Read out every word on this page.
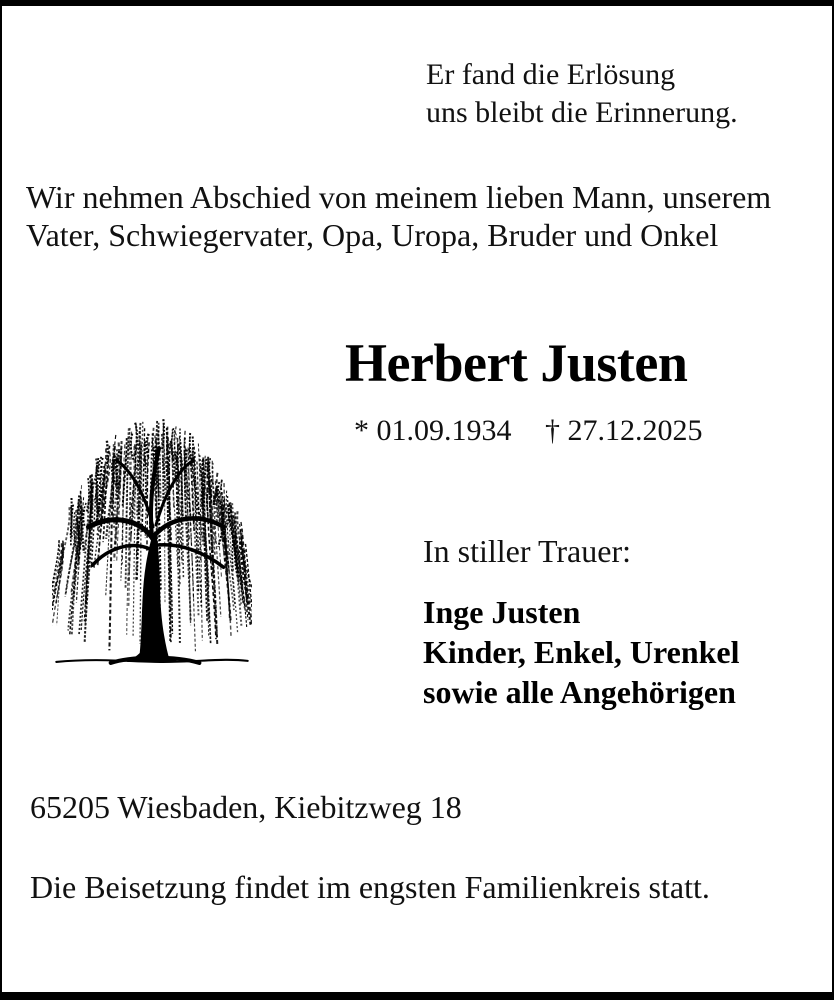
Er fand die Erlösung
uns bleibt die Erinnerung.
Wir nehmen Abschied von meinem lieben Mann, unserem
Vater, Schwiegervater, Opa, Uropa, Bruder und Onkel
Herbert Justen
* 01.09.1934 † 27.12.2025
In stiller Trauer:
Inge Justen
Kinder, Enkel, Urenkel
sowie alle Angehörigen
65205 Wiesbaden, Kiebitzweg 18
Die Beisetzung findet im engsten Familienkreis statt.
